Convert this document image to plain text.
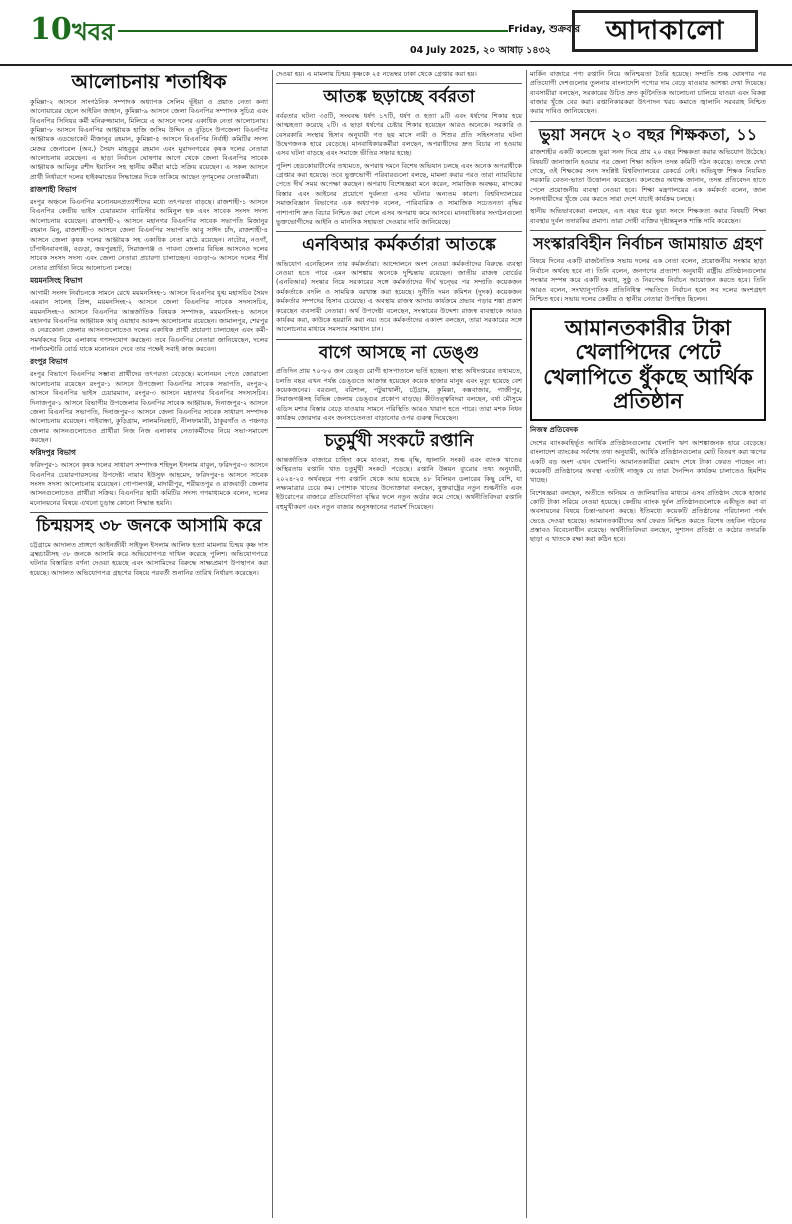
10 খবর	Friday, শুক্রবার
04 July 2025, ২০ আষাঢ় ১৪৩২
আদাকালো
আলোচনায় শতাধিক

কুমিল্লা-২ আসনে সাংগঠনিক সম্পাদক অধ্যাপক সেলিম ভূঁইয়া ও প্রয়াত নেতা কন্যা আনোয়ারের ছেলে আইরিন জাহান, কুমিল্লা-৯ আসনে জেলা বিএনপির সম্পাদক সুচিত্র এবং বিএনপির সিনিয়র কর্মী মনিরুজ্জামান, মিলিয়ে এ আসনে দলের একাধিক নেতা আলোচনায়। কুমিল্লা-৮ আসনে বিএনপির আহ্বায়ক হাজি জসিম উদ্দিন ও বুড়িচং উপজেলা বিএনপির আহ্বায়ক এডভোকেট মীজানুর রহমান, কুমিল্লা-৫ আসনে বিএনপির নির্বাহী কমিটির সদস্য মেজর জেনারেল (অব.) সৈয়দ মাহবুবুর রহমান এবং মুরাদনগরের কৃষক দলের নেতারা আলোচনায় রয়েছেন। এ ছাড়া নির্বাচন ঘোষণার আগে থেকে জেলা বিএনপির সাবেক আহ্বায়ক আমিনুর রশীদ ইয়াসিন সহ স্থানীয় কর্মীরা মাঠে সক্রিয় রয়েছেন। এ সকল আসনে প্রার্থী নির্ধারণে দলের হাইকমান্ডের সিদ্ধান্তের দিকে তাকিয়ে আছেন তৃণমূলের নেতাকর্মীরা।

রাজশাহী বিভাগ

রংপুর অঞ্চলে বিএনপির মনোনয়নপ্রত্যাশীদের মধ্যে তৎপরতা বাড়ছে। রাজশাহী-১ আসনে বিএনপির কেন্দ্রীয় ভাইস চেয়ারম্যান ব্যারিস্টার আমিনুল হক এবং সাবেক সংসদ সদস্য আলোচনায় রয়েছেন। রাজশাহী-২ আসনে মহানগর বিএনপির সাবেক সভাপতি মিজানুর রহমান মিনু, রাজশাহী-৩ আসনে জেলা বিএনপির সভাপতি আবু সাঈদ চাঁদ, রাজশাহী-৪ আসনে জেলা কৃষক দলের আহ্বায়ক সহ একাধিক নেতা মাঠে রয়েছেন। নাটোর, নওগাঁ, চাঁপাইনবাবগঞ্জ, বগুড়া, জয়পুরহাট, সিরাজগঞ্জ ও পাবনা জেলার বিভিন্ন আসনেও দলের সাবেক সংসদ সদস্য এবং জেলা নেতারা প্রচারণা চালাচ্ছেন। বগুড়া-৬ আসনে দলের শীর্ষ নেতার প্রার্থিতা নিয়ে আলোচনা চলছে।

ময়মনসিংহ বিভাগ

আগামী সংসদ নির্বাচনকে সামনে রেখে ময়মনসিংহ-১ আসনে বিএনপির যুগ্ম মহাসচিব সৈয়দ এমরান সালেহ প্রিন্স, ময়মনসিংহ-২ আসনে জেলা বিএনপির সাবেক সদস্যসচিব, ময়মনসিংহ-৩ আসনে বিএনপির আন্তর্জাতিক বিষয়ক সম্পাদক, ময়মনসিংহ-৪ আসনে মহানগর বিএনপির আহ্বায়ক আবু ওয়াহাব আকন্দ আলোচনায় রয়েছেন। জামালপুর, শেরপুর ও নেত্রকোনা জেলার আসনগুলোতেও দলের একাধিক প্রার্থী প্রচারণা চালাচ্ছেন এবং কর্মী-সমর্থকদের নিয়ে এলাকায় গণসংযোগ করছেন। তবে বিএনপির নেতারা জানিয়েছেন, দলের পার্লামেন্টারি বোর্ড যাকে মনোনয়ন দেবে তার পক্ষেই সবাই কাজ করবেন।

রংপুর বিভাগ

রংপুর বিভাগে বিএনপির সম্ভাব্য প্রার্থীদের তৎপরতা বেড়েছে। মনোনয়ন পেতে জোরালো আলোচনায় রয়েছেন রংপুর-১ আসনে উপজেলা বিএনপির সাবেক সভাপতি, রংপুর-২ আসনে বিএনপির ভাইস চেয়ারম্যান, রংপুর-৩ আসনে মহানগর বিএনপির সদস্যসচিব। দিনাজপুর-১ আসনে বিভাগীয় উপজেলার বিএনপির সাবেক আহ্বায়ক, দিনাজপুর-২ আসনে জেলা বিএনপির সভাপতি, দিনাজপুর-৩ আসনে জেলা বিএনপির সাবেক সাধারণ সম্পাদক আলোচনায় রয়েছেন। গাইবান্ধা, কুড়িগ্রাম, লালমনিরহাট, নীলফামারী, ঠাকুরগাঁও ও পঞ্চগড় জেলার আসনগুলোতেও প্রার্থীরা নিজ নিজ এলাকায় নেতাকর্মীদের নিয়ে সভা-সমাবেশ করছেন।

ফরিদপুর বিভাগ

ফরিদপুর-১ আসনে কৃষক দলের সাধারণ সম্পাদক শহিদুল ইসলাম বাবুল, ফরিদপুর-৩ আসনে বিএনপির চেয়ারপারসনের উপদেষ্টা নায়াব ইউসুফ আহমেদ, ফরিদপুর-৪ আসনে সাবেক সংসদ সদস্য আলোচনায় রয়েছেন। গোপালগঞ্জ, মাদারীপুর, শরীয়তপুর ও রাজবাড়ী জেলার আসনগুলোতেও প্রার্থীরা সক্রিয়। বিএনপির স্থায়ী কমিটির সদস্য গণমাধ্যমকে বলেন, দলের মনোনয়নের বিষয়ে এখনো চূড়ান্ত কোনো সিদ্ধান্ত হয়নি।

চিন্ময়সহ ৩৮ জনকে আসামি করে

চট্টগ্রামে আদালত প্রাঙ্গণে আইনজীবী সাইফুল ইসলাম আলিফ হত্যা মামলায় চিন্ময় কৃষ্ণ দাস ব্রহ্মচারীসহ ৩৮ জনকে আসামি করে অভিযোগপত্র দাখিল করেছে পুলিশ। অভিযোগপত্রে ঘটনার বিস্তারিত বর্ণনা দেওয়া হয়েছে এবং আসামিদের বিরুদ্ধে সাক্ষ্যপ্রমাণ উপস্থাপন করা হয়েছে। আদালত অভিযোগপত্র গ্রহণের বিষয়ে পরবর্তী শুনানির তারিখ নির্ধারণ করেছেন।

দেওয়া হয়। এ মামলায় চিন্ময় কৃষ্ণকে ২৫ নভেম্বর ঢাকা থেকে গ্রেপ্তার করা হয়।

আতঙ্ক ছড়াচ্ছে বর্বরতা

বর্বরতার ঘটনা ৩৫টি, সংঘবদ্ধ ধর্ষণ ১৭টি, ধর্ষণ ও হত্যা ৯টি এবং ধর্ষণের শিকার হয়ে আত্মহত্যা করেছে ২টি। এ ছাড়া ধর্ষণের চেষ্টার শিকার হয়েছেন আরও অনেকে। সরকারি ও বেসরকারি সংস্থার হিসাব অনুযায়ী গত ছয় মাসে নারী ও শিশুর প্রতি সহিংসতার ঘটনা উদ্বেগজনক হারে বেড়েছে। মানবাধিকারকর্মীরা বলছেন, অপরাধীদের দ্রুত বিচার না হওয়ায় এসব ঘটনা বাড়ছে এবং সমাজে ভীতির সঞ্চার হচ্ছে।

পুলিশ হেডকোয়ার্টার্সের তথ্যমতে, অপরাধ দমনে বিশেষ অভিযান চলছে এবং অনেক অপরাধীকে গ্রেপ্তার করা হয়েছে। তবে ভুক্তভোগী পরিবারগুলো বলছে, মামলা করার পরও তারা ন্যায়বিচার পেতে দীর্ঘ সময় অপেক্ষা করছেন। অপরাধ বিশেষজ্ঞরা মনে করেন, সামাজিক অবক্ষয়, মাদকের বিস্তার এবং আইনের প্রয়োগে দুর্বলতা এসব ঘটনার অন্যতম কারণ। বিশ্ববিদ্যালয়ের সমাজবিজ্ঞান বিভাগের এক অধ্যাপক বলেন, পারিবারিক ও সামাজিক সচেতনতা বৃদ্ধির পাশাপাশি দ্রুত বিচার নিশ্চিত করা গেলে এসব অপরাধ কমে আসবে। মানবাধিকার সংগঠনগুলো ভুক্তভোগীদের আইনি ও মানসিক সহায়তা দেওয়ার দাবি জানিয়েছে।

এনবিআর কর্মকর্তারা আতঙ্কে

অভিযোগ এনেছিলেন তার কর্মকর্তারা। আন্দোলনে অংশ নেওয়া কর্মকর্তাদের বিরুদ্ধে ব্যবস্থা নেওয়া হতে পারে এমন আশঙ্কায় অনেকে দুশ্চিন্তায় রয়েছেন। জাতীয় রাজস্ব বোর্ডের (এনবিআর) সংস্কার নিয়ে সরকারের সঙ্গে কর্মকর্তাদের দীর্ঘ দ্বন্দ্বের পর সম্প্রতি কয়েকজন কর্মকর্তাকে বদলি ও সাময়িক বরখাস্ত করা হয়েছে। দুর্নীতি দমন কমিশন (দুদক) কয়েকজন কর্মকর্তার সম্পদের হিসাব চেয়েছে। এ অবস্থায় রাজস্ব আদায় কার্যক্রমে প্রভাব পড়ার শঙ্কা প্রকাশ করেছেন ব্যবসায়ী নেতারা। অর্থ উপদেষ্টা বলেছেন, সংস্কারের উদ্দেশ্য রাজস্ব ব্যবস্থাকে আরও কার্যকর করা, কাউকে হয়রানি করা নয়। তবে কর্মকর্তাদের একাংশ বলছেন, তারা সরকারের সঙ্গে আলোচনার মাধ্যমে সমস্যার সমাধান চান।

বাগে আসছে না ডেঙ্গু

প্রতিদিন প্রায় ৭০-৮০ জন ডেঙ্গু রোগী হাসপাতালে ভর্তি হচ্ছেন। স্বাস্থ্য অধিদপ্তরের তথ্যমতে, চলতি বছর এখন পর্যন্ত ডেঙ্গুতে আক্রান্ত হয়েছেন কয়েক হাজার মানুষ এবং মৃত্যু হয়েছে বেশ কয়েকজনের। বরগুনা, বরিশাল, পটুয়াখালী, চট্টগ্রাম, কুমিল্লা, কক্সবাজার, গাজীপুর, সিরাজগঞ্জসহ বিভিন্ন জেলায় ডেঙ্গুর প্রকোপ বাড়ছে। কীটতত্ত্ববিদরা বলছেন, বর্ষা মৌসুমে এডিস মশার বিস্তার বেড়ে যাওয়ায় সামনে পরিস্থিতি আরও খারাপ হতে পারে। তারা মশক নিধন কার্যক্রম জোরদার এবং জনসচেতনতা বাড়ানোর ওপর গুরুত্ব দিয়েছেন।

চতুর্মুখী সংকটে রপ্তানি

আন্তর্জাতিক বাজারে চাহিদা কমে যাওয়া, শুল্ক বৃদ্ধি, জ্বালানি সংকট এবং ব্যাংক খাতের অস্থিরতায় রপ্তানি খাত চতুর্মুখী সংকটে পড়েছে। রপ্তানি উন্নয়ন ব্যুরোর তথ্য অনুযায়ী, ২০২৪-২৫ অর্থবছরে পণ্য রপ্তানি থেকে আয় হয়েছে ৪৮ বিলিয়ন ডলারের কিছু বেশি, যা লক্ষ্যমাত্রার চেয়ে কম। পোশাক খাতের উদ্যোক্তারা বলছেন, যুক্তরাষ্ট্রের নতুন শুল্কনীতি এবং ইউরোপের বাজারে প্রতিযোগিতা বৃদ্ধির ফলে নতুন অর্ডার কমে গেছে। অর্থনীতিবিদরা রপ্তানি বহুমুখীকরণ এবং নতুন বাজার অনুসন্ধানের পরামর্শ দিয়েছেন।

মার্কিন বাজারে পণ্য রপ্তানি নিয়ে অনিশ্চয়তা তৈরি হয়েছে। সম্প্রতি শুল্ক ঘোষণার পর প্রতিযোগী দেশগুলোর তুলনায় বাংলাদেশি পণ্যের দাম বেড়ে যাওয়ার আশঙ্কা দেখা দিয়েছে। ব্যবসায়ীরা বলছেন, সরকারের উচিত দ্রুত কূটনৈতিক আলোচনা চালিয়ে যাওয়া এবং বিকল্প বাজার খুঁজে বের করা। রপ্তানিকারকরা উৎপাদন খরচ কমাতে জ্বালানি সরবরাহ নিশ্চিত করার দাবিও জানিয়েছেন।

ভুয়া সনদে ২০ বছর শিক্ষকতা, ১১

রাজশাহীর একটি কলেজে ভুয়া সনদ দিয়ে প্রায় ২০ বছর শিক্ষকতা করার অভিযোগ উঠেছে। বিষয়টি জানাজানি হওয়ার পর জেলা শিক্ষা অফিস তদন্ত কমিটি গঠন করেছে। তদন্তে দেখা গেছে, ওই শিক্ষকের সনদ সংশ্লিষ্ট বিশ্ববিদ্যালয়ের রেকর্ডে নেই। অভিযুক্ত শিক্ষক নিয়মিত সরকারি বেতন-ভাতা উত্তোলন করেছেন। কলেজের অধ্যক্ষ জানান, তদন্ত প্রতিবেদন হাতে পেলে প্রয়োজনীয় ব্যবস্থা নেওয়া হবে। শিক্ষা মন্ত্রণালয়ের এক কর্মকর্তা বলেন, জাল সনদধারীদের খুঁজে বের করতে সারা দেশে যাচাই কার্যক্রম চলছে।

স্থানীয় অভিভাবকেরা বলছেন, এত বছর ধরে ভুয়া সনদে শিক্ষকতা করার বিষয়টি শিক্ষা ব্যবস্থার দুর্বল তদারকির প্রমাণ। তারা দোষী ব্যক্তির দৃষ্টান্তমূলক শাস্তি দাবি করেছেন।

সংস্কারবিহীন নির্বাচন জামায়াত গ্রহণ

বিষয়ে দিনের একটি রাজনৈতিক সভায় দলের এক নেতা বলেন, প্রয়োজনীয় সংস্কার ছাড়া নির্বাচন অর্থবহ হবে না। তিনি বলেন, জনগণের প্রত্যাশা অনুযায়ী রাষ্ট্রীয় প্রতিষ্ঠানগুলোর সংস্কার সম্পন্ন করে একটি অবাধ, সুষ্ঠু ও নিরপেক্ষ নির্বাচন আয়োজন করতে হবে। তিনি আরও বলেন, সংখ্যানুপাতিক প্রতিনিধিত্ব পদ্ধতিতে নির্বাচন হলে সব দলের অংশগ্রহণ নিশ্চিত হবে। সভায় দলের কেন্দ্রীয় ও স্থানীয় নেতারা উপস্থিত ছিলেন।

আমানতকারীর টাকা খেলাপিদের পেটে খেলাপিতে ধুঁকছে আর্থিক প্রতিষ্ঠান
নিজস্ব প্রতিবেদক

দেশের ব্যাংকবহির্ভূত আর্থিক প্রতিষ্ঠানগুলোর খেলাপি ঋণ আশঙ্কাজনক হারে বেড়েছে। বাংলাদেশ ব্যাংকের সর্বশেষ তথ্য অনুযায়ী, আর্থিক প্রতিষ্ঠানগুলোর মোট বিতরণ করা ঋণের একটি বড় অংশ এখন খেলাপি। আমানতকারীরা মেয়াদ শেষে টাকা ফেরত পাচ্ছেন না। কয়েকটি প্রতিষ্ঠানের অবস্থা এতটাই নাজুক যে তারা দৈনন্দিন কার্যক্রম চালাতেও হিমশিম খাচ্ছে।

বিশেষজ্ঞরা বলছেন, অতীতে অনিয়ম ও জালিয়াতির মাধ্যমে এসব প্রতিষ্ঠান থেকে হাজার কোটি টাকা সরিয়ে নেওয়া হয়েছে। কেন্দ্রীয় ব্যাংক দুর্বল প্রতিষ্ঠানগুলোকে একীভূত করা বা অবসায়নের বিষয়ে চিন্তা-ভাবনা করছে। ইতিমধ্যে কয়েকটি প্রতিষ্ঠানের পরিচালনা পর্ষদ ভেঙে দেওয়া হয়েছে। আমানতকারীদের অর্থ ফেরত নিশ্চিত করতে বিশেষ তহবিল গঠনের প্রস্তাবও বিবেচনাধীন রয়েছে। অর্থনীতিবিদরা বলছেন, সুশাসন প্রতিষ্ঠা ও কঠোর তদারকি ছাড়া এ খাতকে রক্ষা করা কঠিন হবে।
